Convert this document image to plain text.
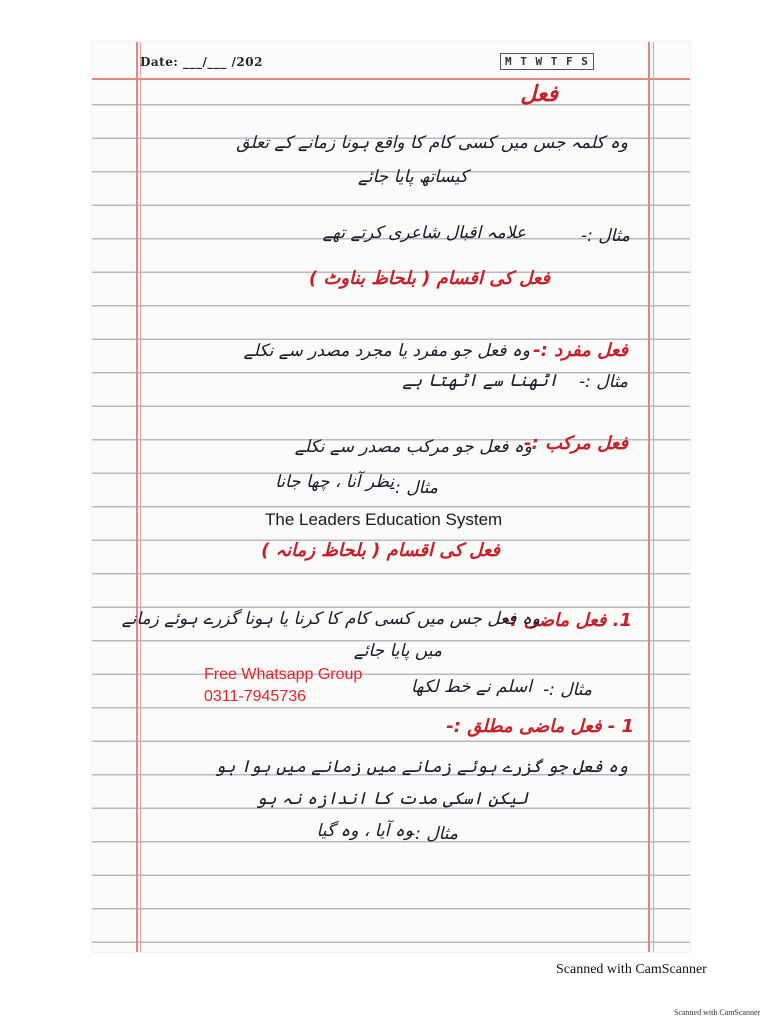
Date: ___/___ /202	M T W T F S
فعل
وہ کلمہ جس میں کسی کام کا واقع ہونا زمانے کے تعلق
کیساتھ پایا جائے
مثال :-
علامہ اقبال شاعری کرتے تھے
فعل کی اقسام ( بلحاظ بناوٹ )
فعل مفرد :-
وہ فعل جو مفرد یا مجرد مصدر سے نکلے
مثال :-
اٹھنا سے اٹھتا ہے
فعل مرکب :-
وہ فعل جو مرکب مصدر سے نکلے
مثال :-
نظر آنا ، چھا جانا
فعل کی اقسام ( بلحاظ زمانہ )
1. فعل ماضی :-
وہ فعل جس میں کسی کام کا کرنا یا ہونا گزرے ہوئے زمانے
میں پایا جائے
مثال :-
اسلم نے خط لکھا
1 - فعل ماضی مطلق :-
وہ فعل جو گزرے ہوئے زمانے میں زمانے میں ہوا ہو
لیکن اسکی مدت کا اندازہ نہ ہو
مثال :-
وہ آیا ، وہ گیا
The Leaders Education System
Free Whatsapp Group
0311-7945736
Scanned with CamScanner
Scanned with CamScanner
